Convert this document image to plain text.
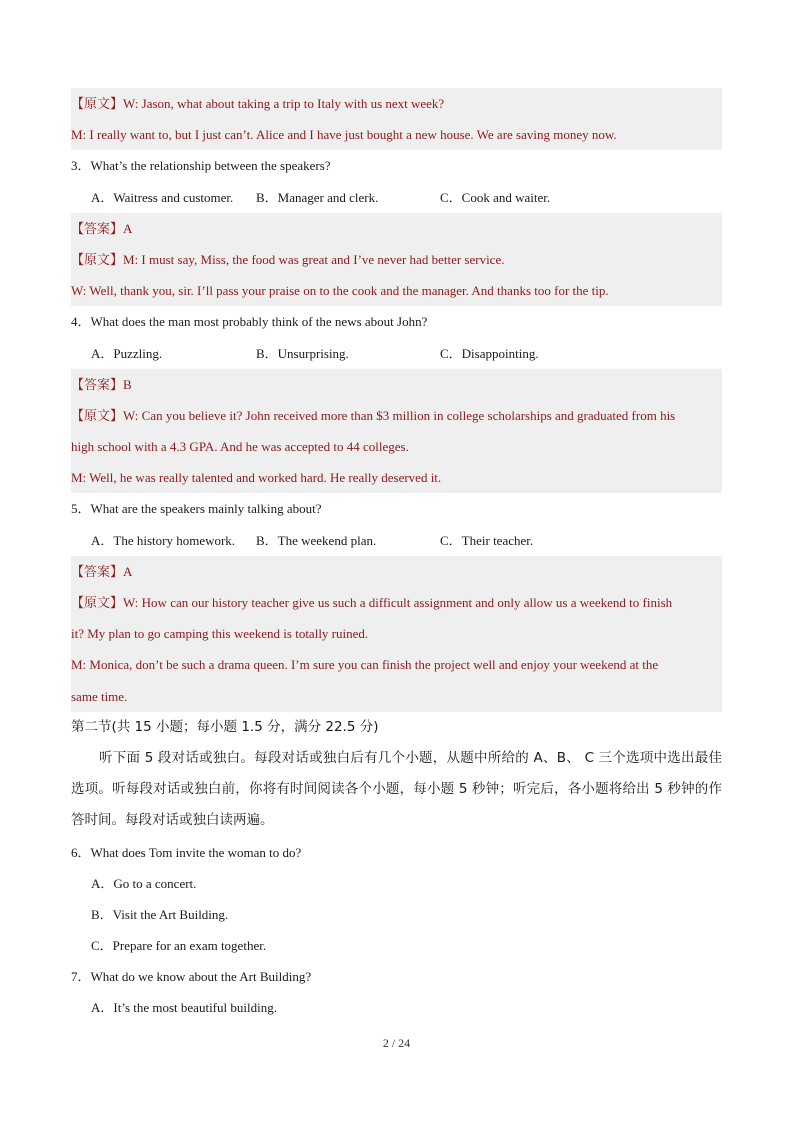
【原文】W: Jason, what about taking a trip to Italy with us next week?
M: I really want to, but I just can’t. Alice and I have just bought a new house. We are saving money now.
3．What’s the relationship between the speakers?
A．Waitress and customer. B．Manager and clerk.	C．Cook and waiter.
【答案】A
【原文】M: I must say, Miss, the food was great and I’ve never had better service.
W: Well, thank you, sir. I’ll pass your praise on to the cook and the manager. And thanks too for the tip.
4．What does the man most probably think of the news about John?
A．Puzzling.	B．Unsurprising.	C．Disappointing.
【答案】B
【原文】W: Can you believe it? John received more than $3 million in college scholarships and graduated from his
high school with a 4.3 GPA. And he was accepted to 44 colleges.
M: Well, he was really talented and worked hard. He really deserved it.
5．What are the speakers mainly talking about?
A．The history homework. B．The weekend plan.	C．Their teacher.
【答案】A
【原文】W: How can our history teacher give us such a difficult assignment and only allow us a weekend to finish
it? My plan to go camping this weekend is totally ruined.
M: Monica, don’t be such a drama queen. I’m sure you can finish the project well and enjoy your weekend at the
same time.
第二节(共 15 小题；每小题 1.5 分，满分 22.5 分)
听下面 5 段对话或独白。每段对话或独白后有几个小题，从题中所给的 A、B、 C 三个选项中选出最佳选项。听每段对话或独白前，你将有时间阅读各个小题，每小题 5 秒钟；听完后，各小题将给出 5 秒钟的作答时间。每段对话或独白读两遍。
6．What does Tom invite the woman to do?
A．Go to a concert.
B．Visit the Art Building.
C．Prepare for an exam together.
7．What do we know about the Art Building?
A．It’s the most beautiful building.
2 / 24
